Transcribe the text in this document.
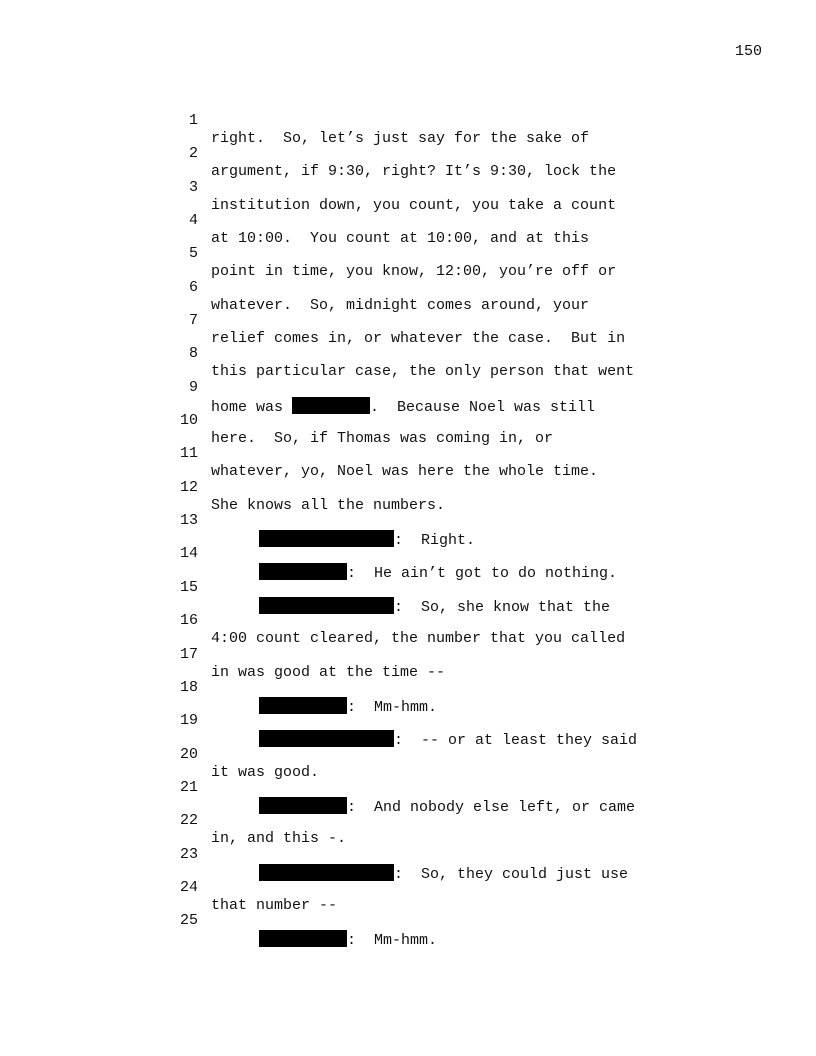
150

1

right.  So, let’s just say for the sake of

2

argument, if 9:30, right? It’s 9:30, lock the

3

institution down, you count, you take a count

4

at 10:00.  You count at 10:00, and at this

5

point in time, you know, 12:00, you’re off or

6

whatever.  So, midnight comes around, your

7

relief comes in, or whatever the case.  But in

8

this particular case, the only person that went

9

home was	.  Because Noel was still

10

here.  So, if Thomas was coming in, or

11

whatever, yo, Noel was here the whole time.

12

She knows all the numbers.

13

:  Right.

14

:  He ain’t got to do nothing.

15

:  So, she know that the

16

4:00 count cleared, the number that you called

17

in was good at the time --

18

:  Mm-hmm.

19

:  -- or at least they said

20

it was good.

21

:  And nobody else left, or came

22

in, and this -.

23

:  So, they could just use

24

that number --

25

:  Mm-hmm.
